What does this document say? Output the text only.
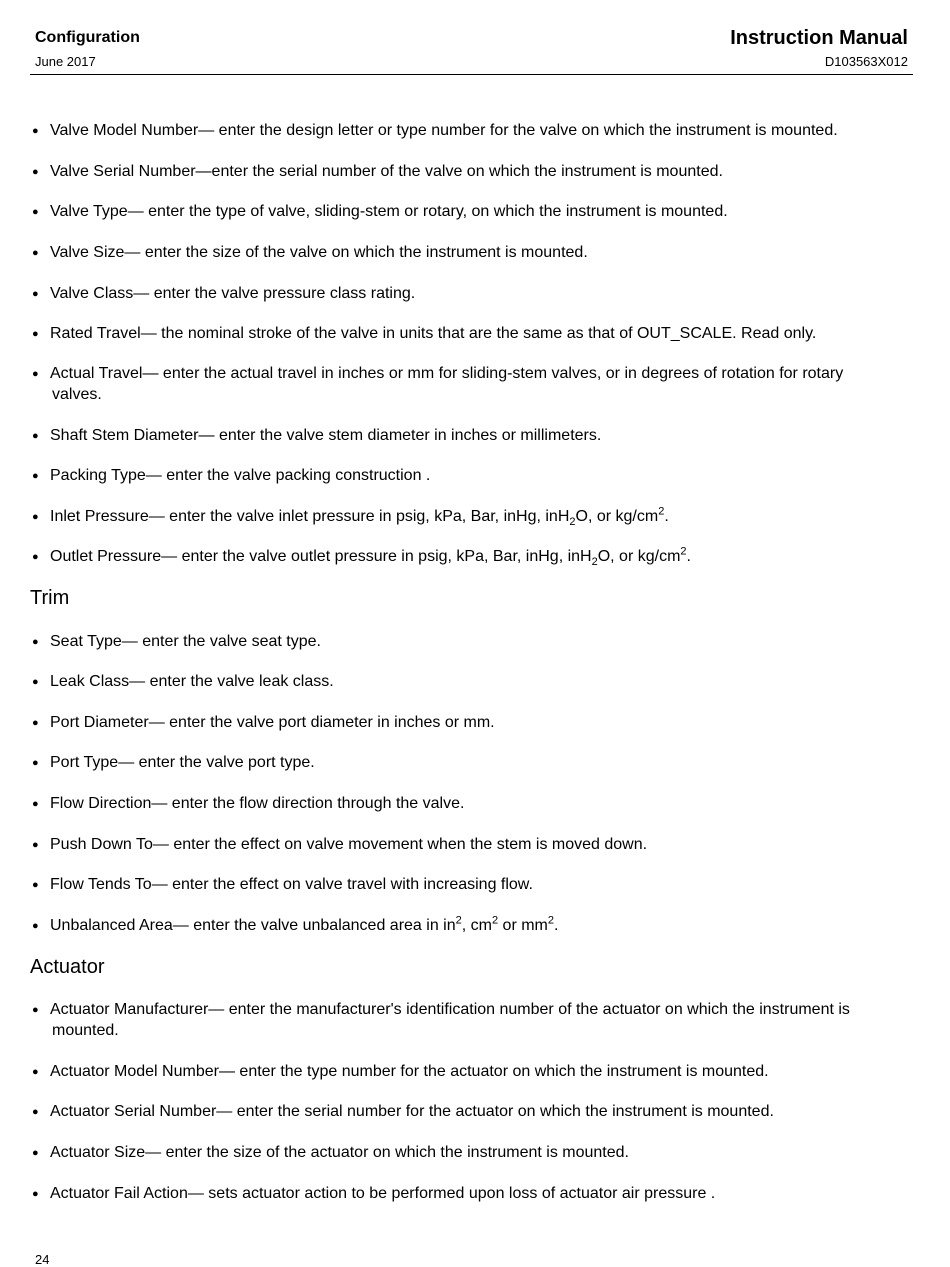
Configuration
June 2017
Instruction Manual
D103563X012
●
Valve Model Number— enter the design letter or type number for the valve on which the instrument is mounted.
●
Valve Serial Number—enter the serial number of the valve on which the instrument is mounted.
●
Valve Type— enter the type of valve, sliding-stem or rotary, on which the instrument is mounted.
●
Valve Size— enter the size of the valve on which the instrument is mounted.
●
Valve Class— enter the valve pressure class rating.
●
Rated Travel— the nominal stroke of the valve in units that are the same as that of OUT_SCALE. Read only.
●
Actual Travel— enter the actual travel in inches or mm for sliding-stem valves, or in degrees of rotation for rotary
valves.
●
Shaft Stem Diameter— enter the valve stem diameter in inches or millimeters.
●
Packing Type— enter the valve packing construction .
●
Inlet Pressure— enter the valve inlet pressure in psig, kPa, Bar, inHg, inH$_2$O, or $kg/cm^2$.
●
Outlet Pressure— enter the valve outlet pressure in psig, kPa, Bar, inHg, inH$_2$O, or $kg/cm^2$.
Trim
●
Seat Type— enter the valve seat type.
●
Leak Class— enter the valve leak class.
●
Port Diameter— enter the valve port diameter in inches or mm.
●
Port Type— enter the valve port type.
●
Flow Direction— enter the flow direction through the valve.
●
Push Down To— enter the effect on valve movement when the stem is moved down.
●
Flow Tends To— enter the effect on valve travel with increasing flow.
●
Unbalanced Area— enter the valve unbalanced area in $in^2$, $cm^2$ or $mm^2$.
Actuator
●
Actuator Manufacturer— enter the manufacturer's identification number of the actuator on which the instrument is
mounted.
●
Actuator Model Number— enter the type number for the actuator on which the instrument is mounted.
●
Actuator Serial Number— enter the serial number for the actuator on which the instrument is mounted.
●
Actuator Size— enter the size of the actuator on which the instrument is mounted.
●
Actuator Fail Action— sets actuator action to be performed upon loss of actuator air pressure .
24
